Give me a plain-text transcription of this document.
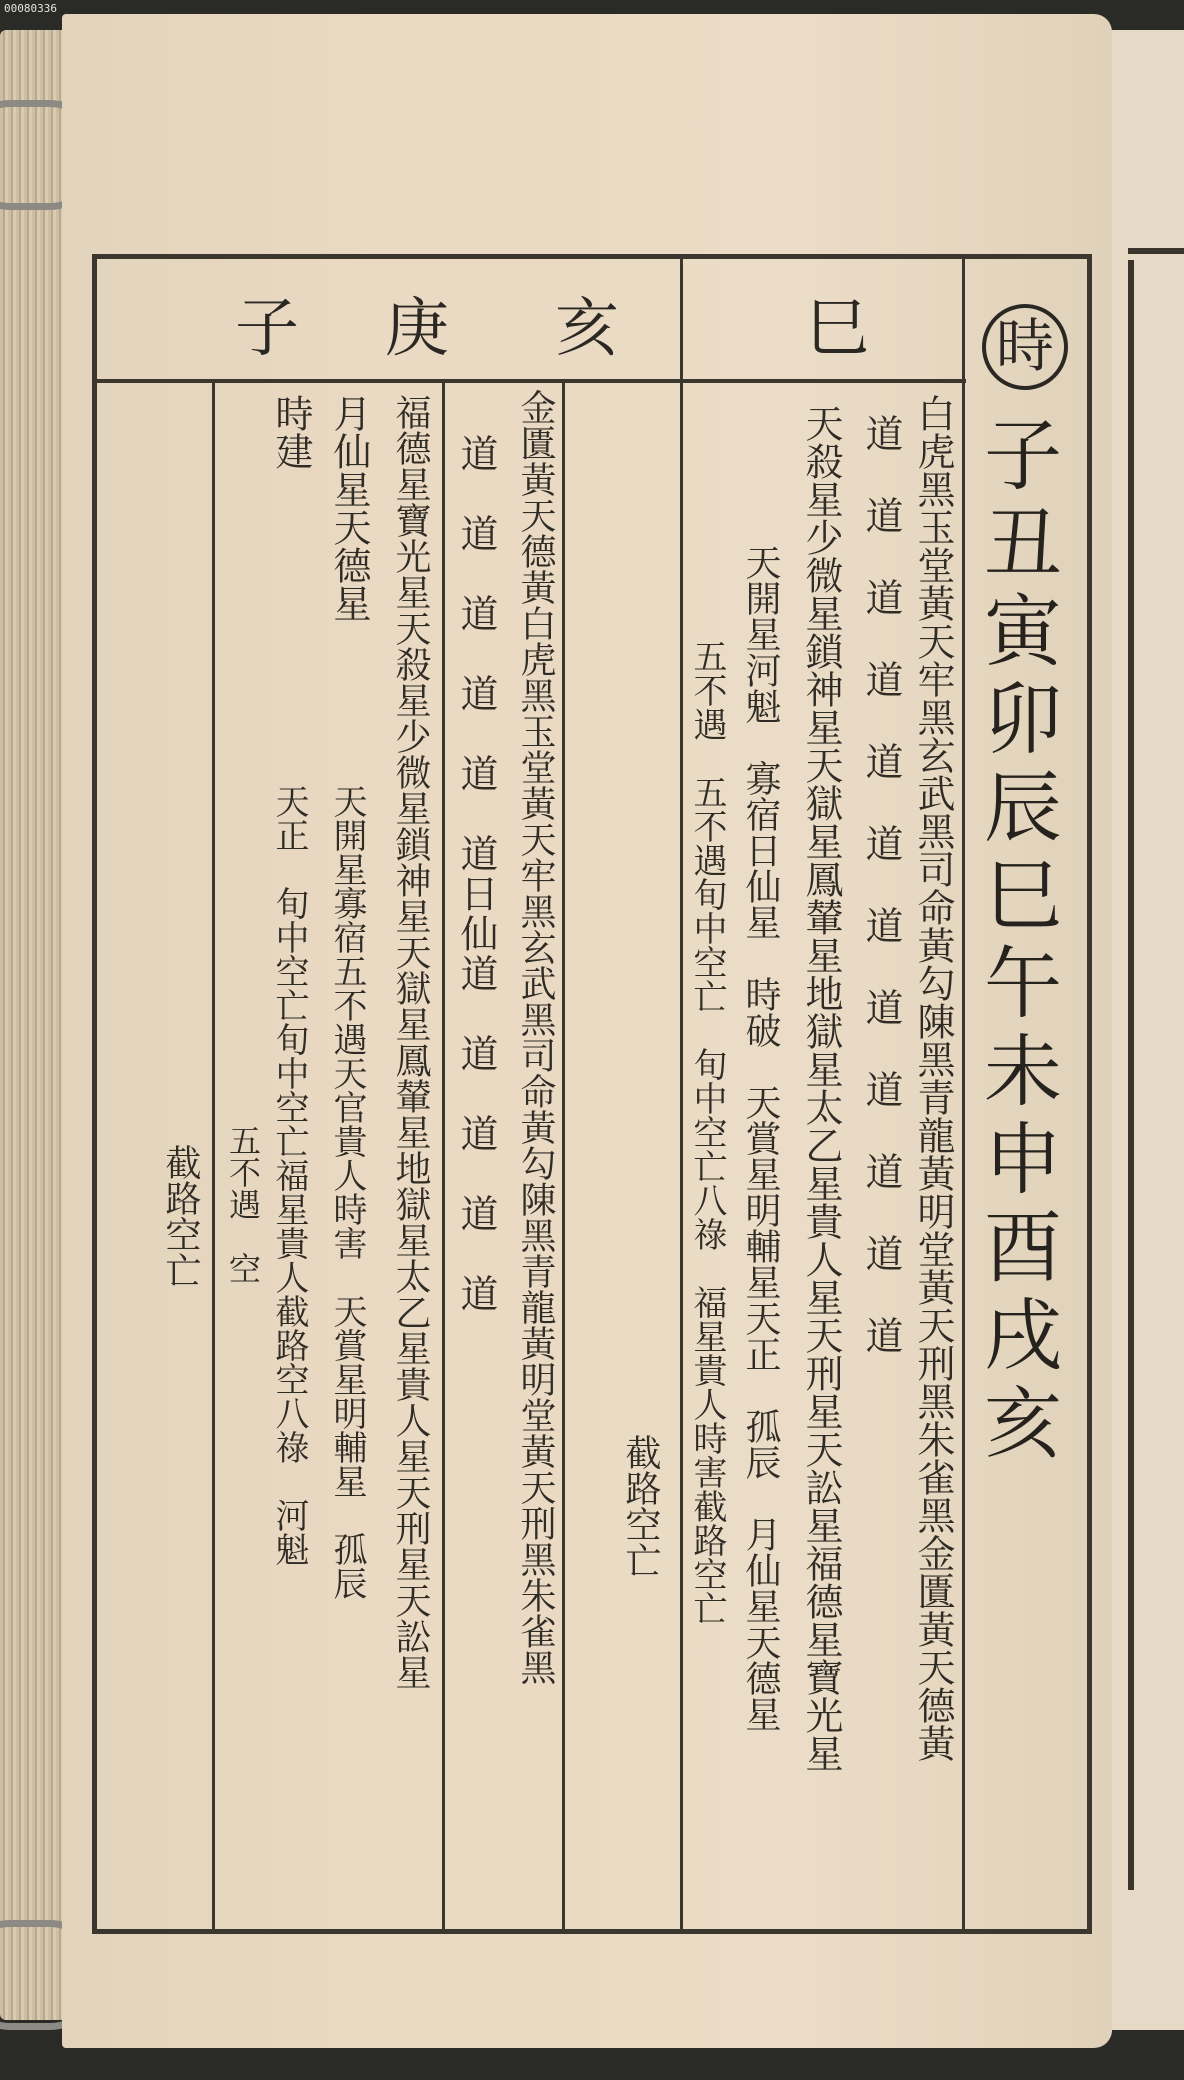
00080336
巳
亥
庚
子	時
子丑寅卯辰巳午未申酉戌亥
白虎黑玉堂黃天牢黑玄武黑司命黃勾陳黑青龍黃明堂黃天刑黑朱雀黑金匱黃天德黃
道　道　道　道　道　道　道　道　道　道　道　道
天殺星少微星鎖神星天獄星鳳輦星地獄星太乙星貴人星天刑星天訟星福德星寶光星
天開星河魁　寡宿日仙星　時破　天賞星明輔星天正　孤辰　月仙星天德星
五不遇　五不遇旬中空亡　旬中空亡八祿　福星貴人時害截路空亡
截路空亡
金匱黃天德黃白虎黑玉堂黃天牢黑玄武黑司命黃勾陳黑青龍黃明堂黃天刑黑朱雀黑
道　道　道　道　道　道日仙道　道　道　道　道
福德星寶光星天殺星少微星鎖神星天獄星鳳輦星地獄星太乙星貴人星天刑星天訟星
月仙星天德星
天開星寡宿五不遇天官貴人時害　天賞星明輔星　孤辰
時建
天正　旬中空亡旬中空亡福星貴人截路空八祿　河魁
五不遇　空
截路空亡
